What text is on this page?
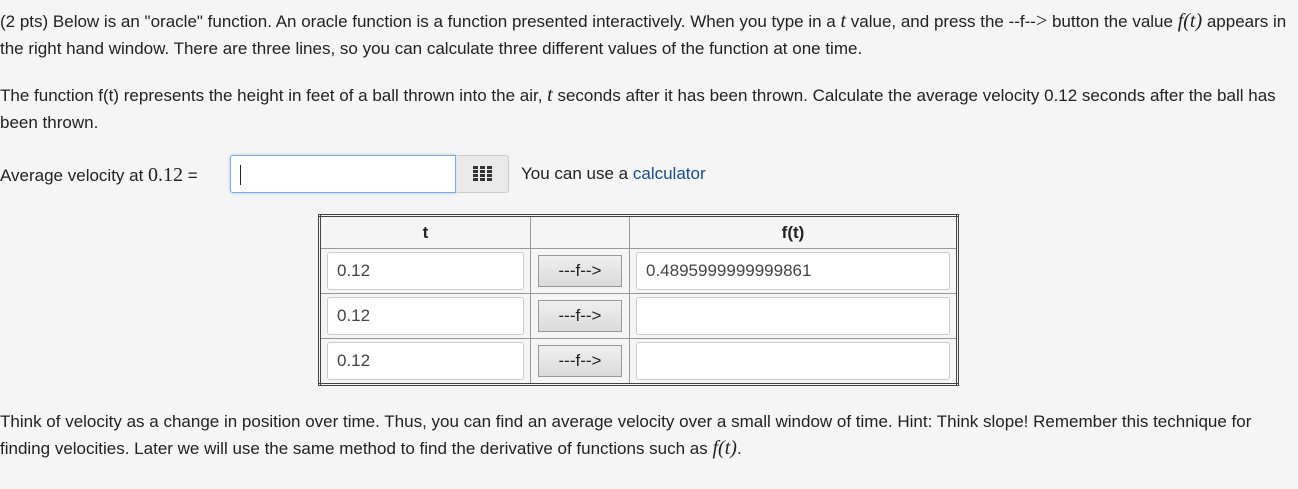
(2 pts) Below is an "oracle" function. An oracle function is a function presented interactively. When you type in a t value, and press the --f--> button the value f(t) appears in the right hand window. There are three lines, so you can calculate three different values of the function at one time.

The function f(t) represents the height in feet of a ball thrown into the air, t seconds after it has been thrown. Calculate the average velocity 0.12 seconds after the ball has been thrown.

Average velocity at 0.12 =	You can use a calculator
t		f(t)

0.12	---f-->	0.4895999999999861

0.12	---f-->	

0.12	---f-->	

Think of velocity as a change in position over time. Thus, you can find an average velocity over a small window of time. Hint: Think slope! Remember this technique for finding velocities. Later we will use the same method to find the derivative of functions such as f(t).
